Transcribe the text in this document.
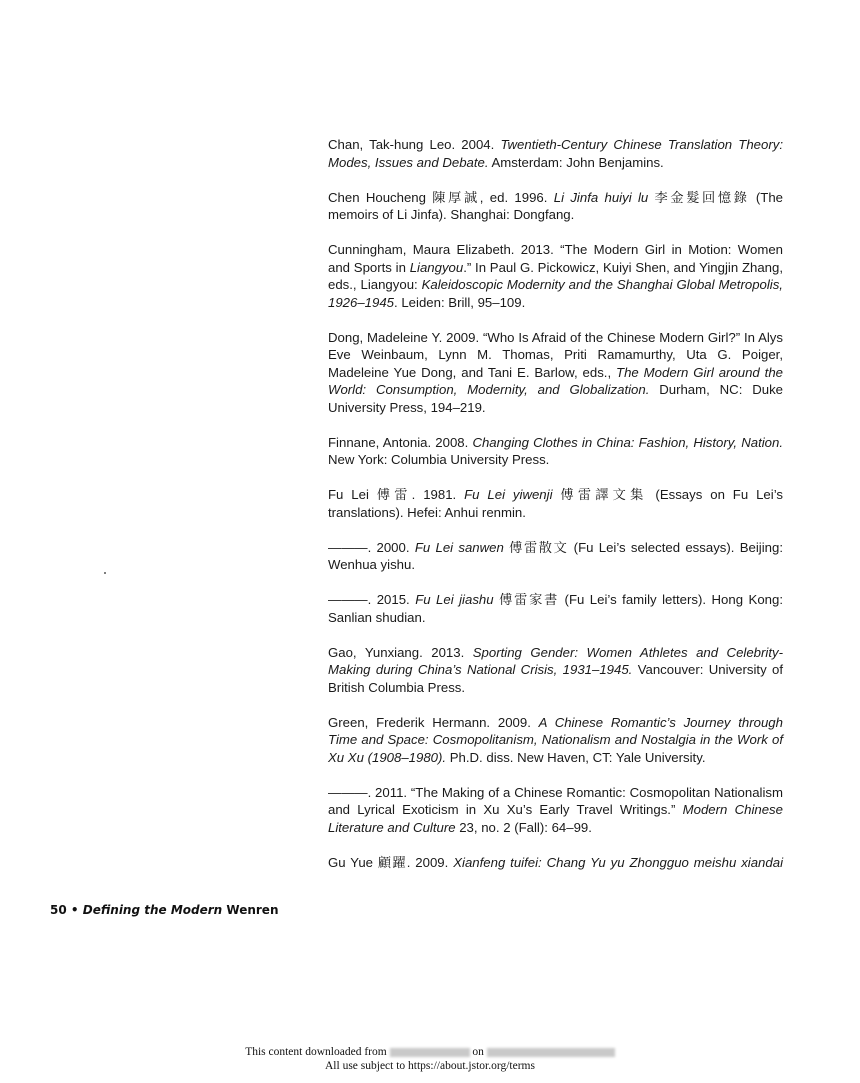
Chan, Tak-hung Leo. 2004. Twentieth-Century Chinese Translation Theory: Modes, Issues and Debate. Amsterdam: John Benjamins.

Chen Houcheng 陳厚誠, ed. 1996. Li Jinfa huiyi lu 李金髮回憶錄 (The memoirs of Li Jinfa). Shanghai: Dongfang.

Cunningham, Maura Elizabeth. 2013. “The Modern Girl in Motion: Women and Sports in Liangyou.” In Paul G. Pickowicz, Kuiyi Shen, and Yingjin Zhang, eds., Liangyou: Kaleidoscopic Modernity and the Shanghai Global Metropolis, 1926–1945. Leiden: Brill, 95–109.

Dong, Madeleine Y. 2009. “Who Is Afraid of the Chinese Modern Girl?” In Alys Eve Weinbaum, Lynn M. Thomas, Priti Ramamurthy, Uta G. Poiger, Madeleine Yue Dong, and Tani E. Barlow, eds., The Modern Girl around the World: Consumption, Modernity, and Globalization. Durham, NC: Duke University Press, 194–219.

Finnane, Antonia. 2008. Changing Clothes in China: Fashion, History, Nation. New York: Columbia University Press.

Fu Lei 傅雷. 1981. Fu Lei yiwenji 傅雷譯文集 (Essays on Fu Lei’s translations). Hefei: Anhui renmin.

———. 2000. Fu Lei sanwen 傅雷散文 (Fu Lei’s selected essays). Beijing: Wenhua yishu.

———. 2015. Fu Lei jiashu 傅雷家書 (Fu Lei’s family letters). Hong Kong: Sanlian shudian.

Gao, Yunxiang. 2013. Sporting Gender: Women Athletes and Celebrity-Making during China’s National Crisis, 1931–1945. Vancouver: University of British Columbia Press.

Green, Frederik Hermann. 2009. A Chinese Romantic’s Journey through Time and Space: Cosmopolitanism, Nationalism and Nostalgia in the Work of Xu Xu (1908–1980). Ph.D. diss. New Haven, CT: Yale University.

———. 2011. “The Making of a Chinese Romantic: Cosmopolitan Nationalism and Lyrical Exoticism in Xu Xu’s Early Travel Writings.” Modern Chinese Literature and Culture 23, no. 2 (Fall): 64–99.

Gu Yue 顧躍. 2009. Xianfeng tuifei: Chang Yu yu Zhongguo meishu xiandai

50 • Defining the Modern Wenren
This content downloaded from	on
All use subject to https://about.jstor.org/terms
